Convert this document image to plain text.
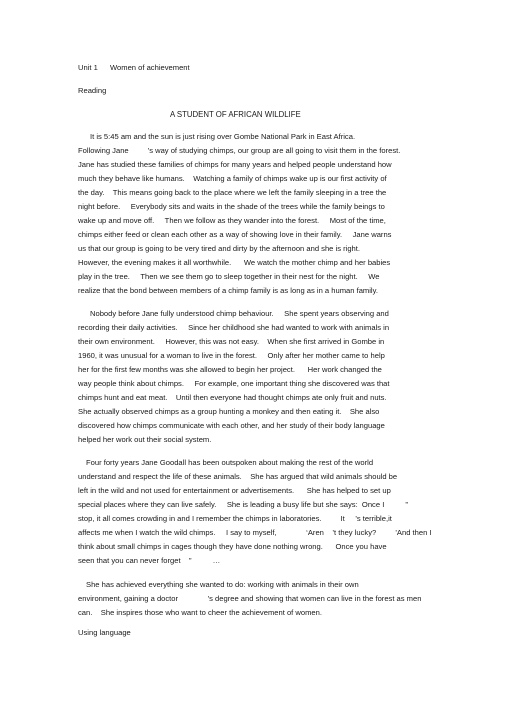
Unit 1 Women of achievement
Reading
A STUDENT OF AFRICAN WILDLIFE
It is 5:45 am and the sun is just rising over Gombe National Park in East Africa.
Following Jane         ’s way of studying chimps, our group are all going to visit them in the forest.
Jane has studied these families of chimps for many years and helped people understand how
much they behave like humans.    Watching a family of chimps wake up is our first activity of
the day.    This means going back to the place where we left the family sleeping in a tree the
night before.     Everybody sits and waits in the shade of the trees while the family beings to
wake up and move off.     Then we follow as they wander into the forest.     Most of the time,
chimps either feed or clean each other as a way of showing love in their family.     Jane warns
us that our group is going to be very tired and dirty by the afternoon and she is right.
However, the evening makes it all worthwhile.      We watch the mother chimp and her babies
play in the tree.     Then we see them go to sleep together in their nest for the night.     We
realize that the bond between members of a chimp family is as long as in a human family.
Nobody before Jane fully understood chimp behaviour.     She spent years observing and
recording their daily activities.     Since her childhood she had wanted to work with animals in
their own environment.     However, this was not easy.    When she first arrived in Gombe in
1960, it was unusual for a woman to live in the forest.     Only after her mother came to help
her for the first few months was she allowed to begin her project.      Her work changed the
way people think about chimps.     For example, one important thing she discovered was that
chimps hunt and eat meat.    Until then everyone had thought chimps ate only fruit and nuts.
She actually observed chimps as a group hunting a monkey and then eating it.    She also
discovered how chimps communicate with each other, and her study of their body language
helped her work out their social system.
Four forty years Jane Goodall has been outspoken about making the rest of the world
understand and respect the life of these animals.    She has argued that wild animals should be
left in the wild and not used for entertainment or advertisements.      She has helped to set up
special places where they can live safely.     She is leading a busy life but she says:  Once I          ”
stop, it all comes crowding in and I remember the chimps in laboratories.         It     ’s terrible,it
affects me when I watch the wild chimps.     I say to myself,              ‘Aren    ’t they lucky?         ’And then I
think about small chimps in cages though they have done nothing wrong.      Once you have
seen that you can never forget    ”          …
She has achieved everything she wanted to do: working with animals in their own
environment, gaining a doctor              ’s degree and showing that women can live in the forest as men
can.    She inspires those who want to cheer the achievement of women.
Using language
